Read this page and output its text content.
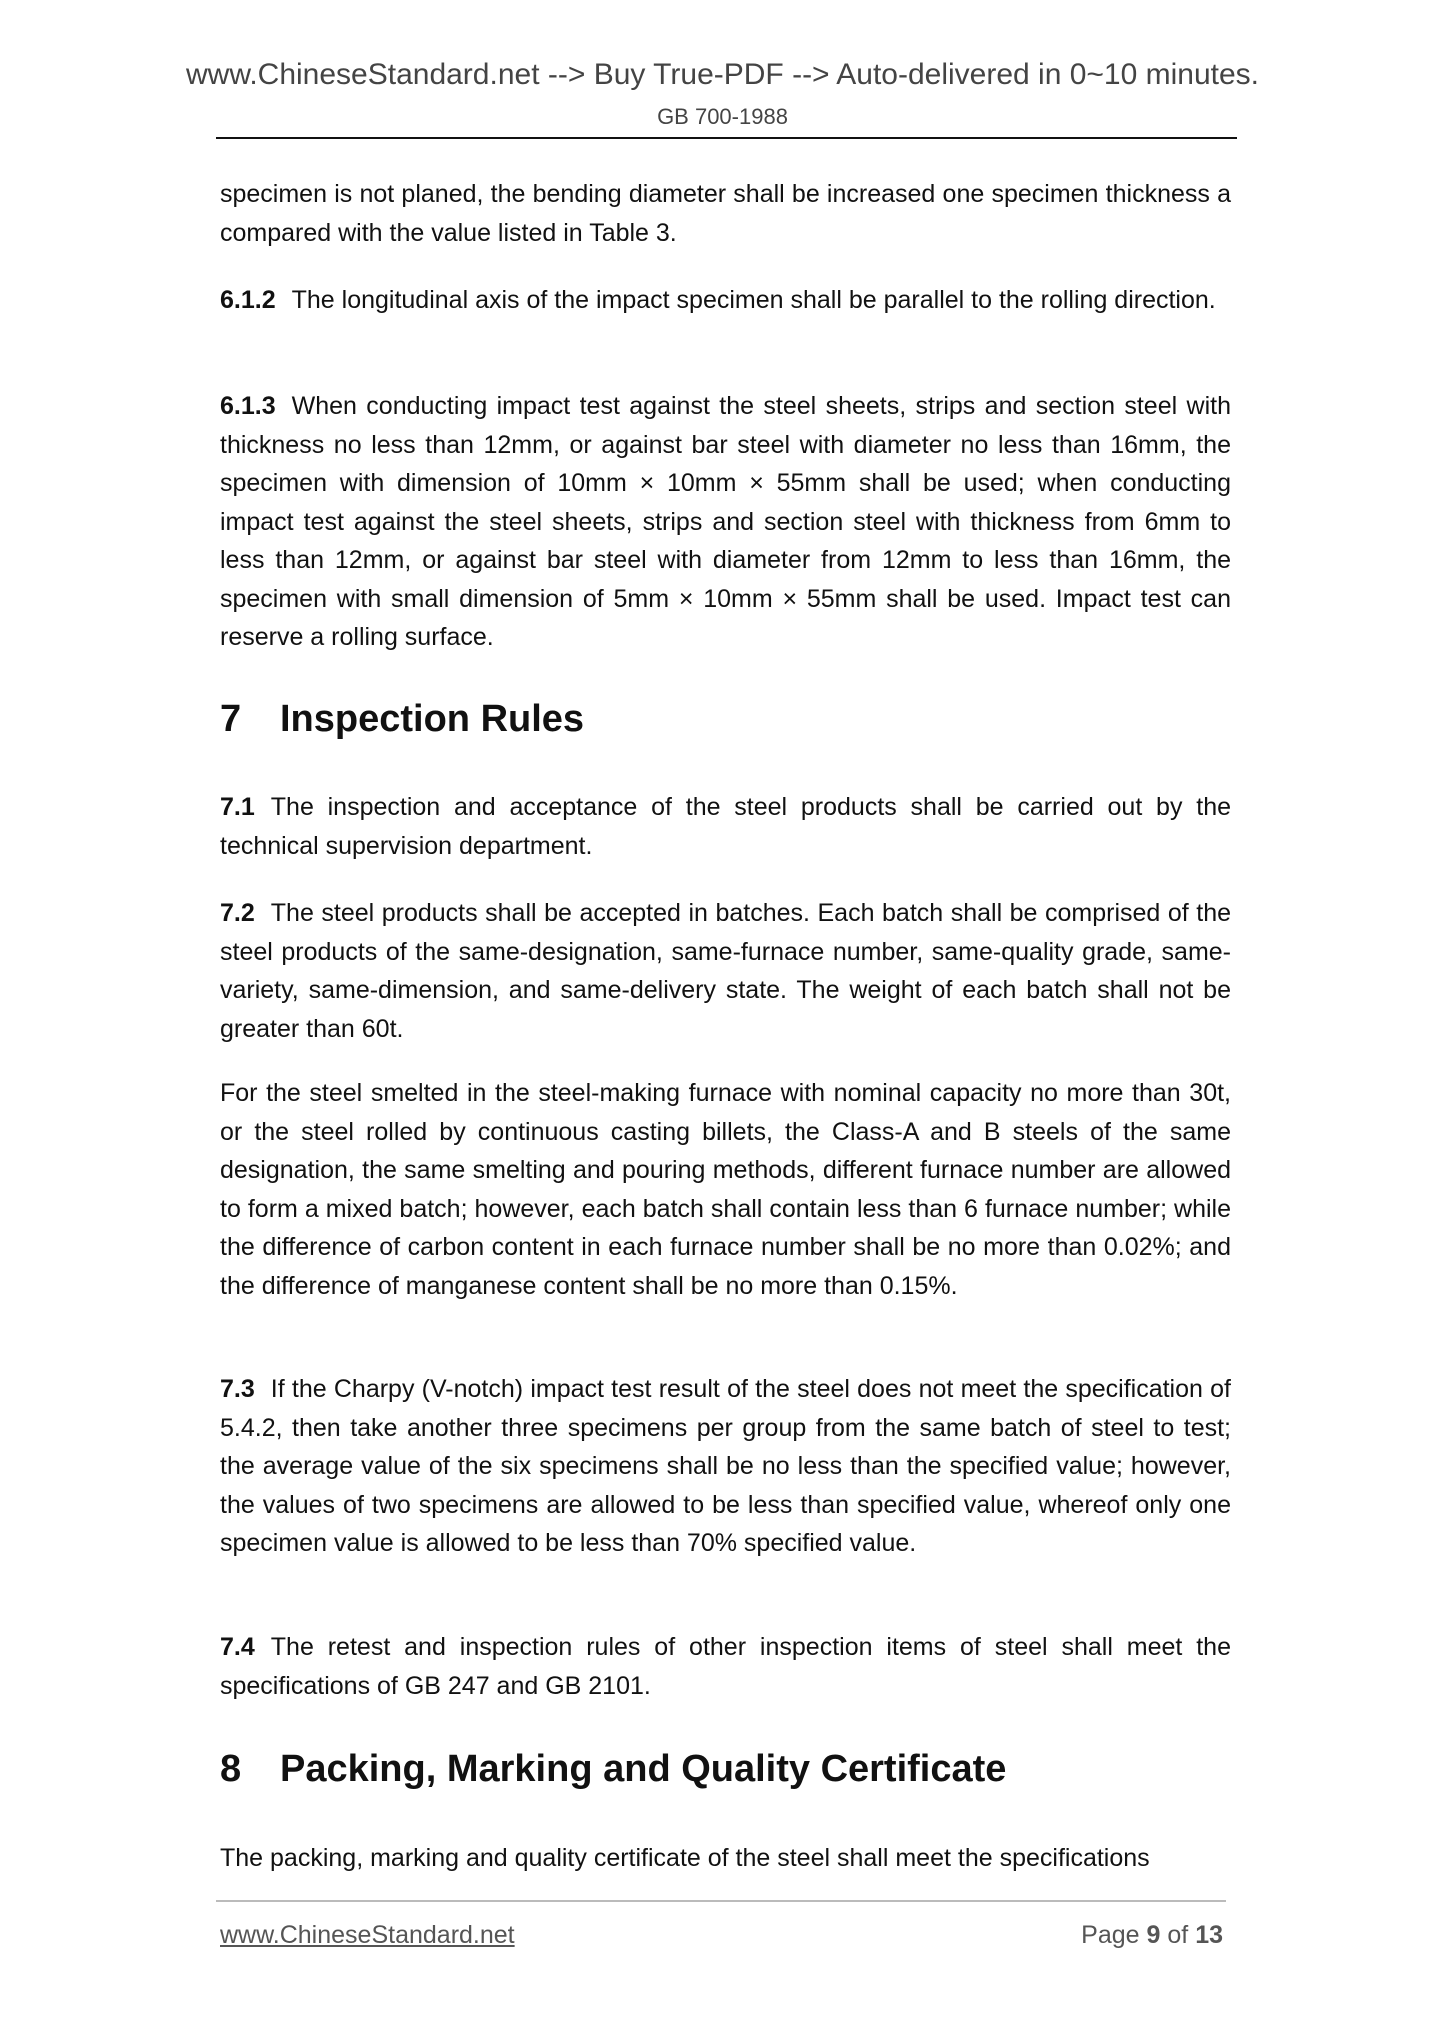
www.ChineseStandard.net --> Buy True-PDF --> Auto-delivered in 0~10 minutes.
GB 700-1988
specimen is not planed, the bending diameter shall be increased one specimen thickness a compared with the value listed in Table 3.
6.1.2 The longitudinal axis of the impact specimen shall be parallel to the rolling direction.
6.1.3 When conducting impact test against the steel sheets, strips and section steel with thickness no less than 12mm, or against bar steel with diameter no less than 16mm, the specimen with dimension of 10mm × 10mm × 55mm shall be used; when conducting impact test against the steel sheets, strips and section steel with thickness from 6mm to less than 12mm, or against bar steel with diameter from 12mm to less than 16mm, the specimen with small dimension of 5mm × 10mm × 55mm shall be used. Impact test can reserve a rolling surface.
7 Inspection Rules
7.1 The inspection and acceptance of the steel products shall be carried out by the technical supervision department.
7.2 The steel products shall be accepted in batches. Each batch shall be comprised of the steel products of the same-designation, same-furnace number, same-quality grade, same-variety, same-dimension, and same-delivery state. The weight of each batch shall not be greater than 60t.
For the steel smelted in the steel-making furnace with nominal capacity no more than 30t, or the steel rolled by continuous casting billets, the Class-A and B steels of the same designation, the same smelting and pouring methods, different furnace number are allowed to form a mixed batch; however, each batch shall contain less than 6 furnace number; while the difference of carbon content in each furnace number shall be no more than 0.02%; and the difference of manganese content shall be no more than 0.15%.
7.3 If the Charpy (V-notch) impact test result of the steel does not meet the specification of 5.4.2, then take another three specimens per group from the same batch of steel to test; the average value of the six specimens shall be no less than the specified value; however, the values of two specimens are allowed to be less than specified value, whereof only one specimen value is allowed to be less than 70% specified value.
7.4 The retest and inspection rules of other inspection items of steel shall meet the specifications of GB 247 and GB 2101.
8 Packing, Marking and Quality Certificate
The packing, marking and quality certificate of the steel shall meet the specifications
www.ChineseStandard.net	Page 9 of 13
